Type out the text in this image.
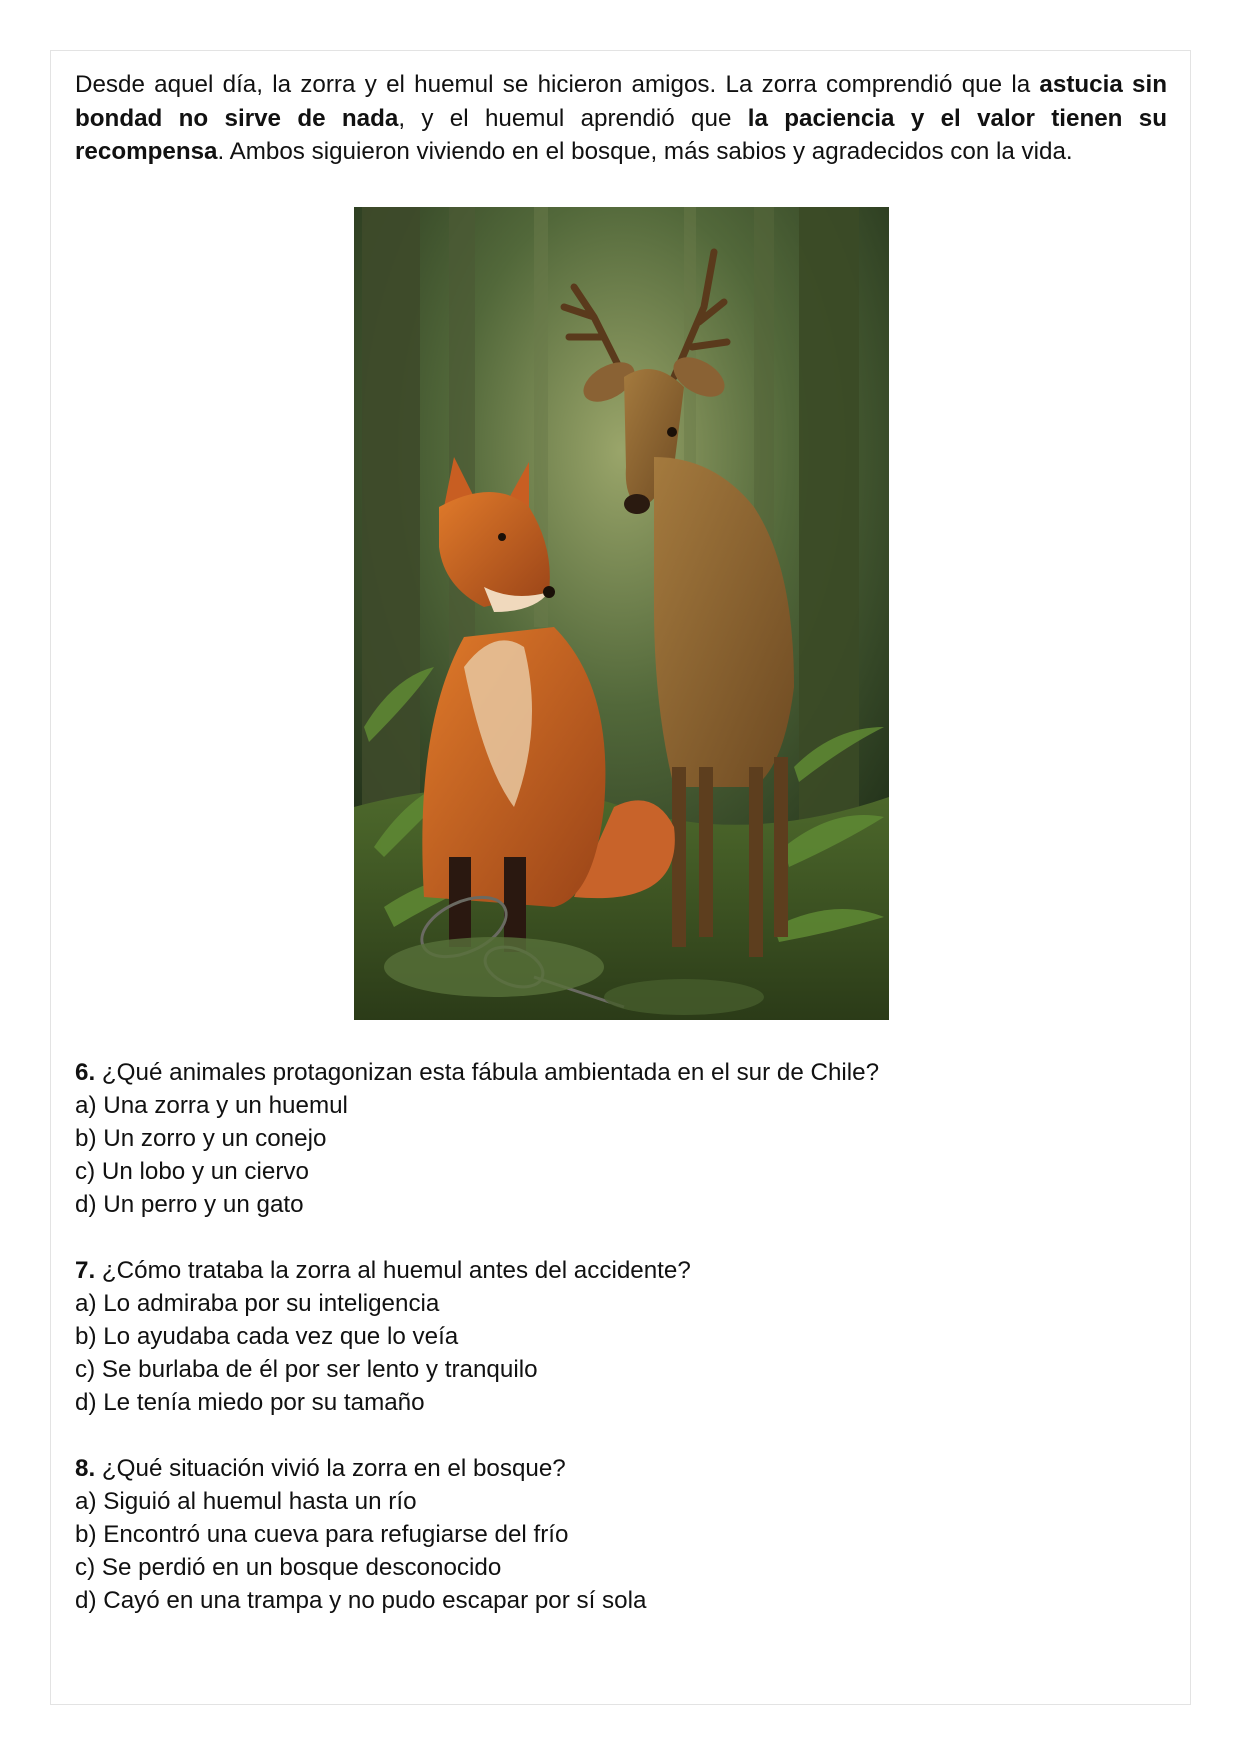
Desde aquel día, la zorra y el huemul se hicieron amigos. La zorra comprendió que la astucia sin bondad no sirve de nada, y el huemul aprendió que la paciencia y el valor tienen su recompensa. Ambos siguieron viviendo en el bosque, más sabios y agradecidos con la vida.

6. ¿Qué animales protagonizan esta fábula ambientada en el sur de Chile?

a) Una zorra y un huemul

b) Un zorro y un conejo

c) Un lobo y un ciervo

d) Un perro y un gato

7. ¿Cómo trataba la zorra al huemul antes del accidente?

a) Lo admiraba por su inteligencia

b) Lo ayudaba cada vez que lo veía

c) Se burlaba de él por ser lento y tranquilo

d) Le tenía miedo por su tamaño

8. ¿Qué situación vivió la zorra en el bosque?

a) Siguió al huemul hasta un río

b) Encontró una cueva para refugiarse del frío

c) Se perdió en un bosque desconocido

d) Cayó en una trampa y no pudo escapar por sí sola
